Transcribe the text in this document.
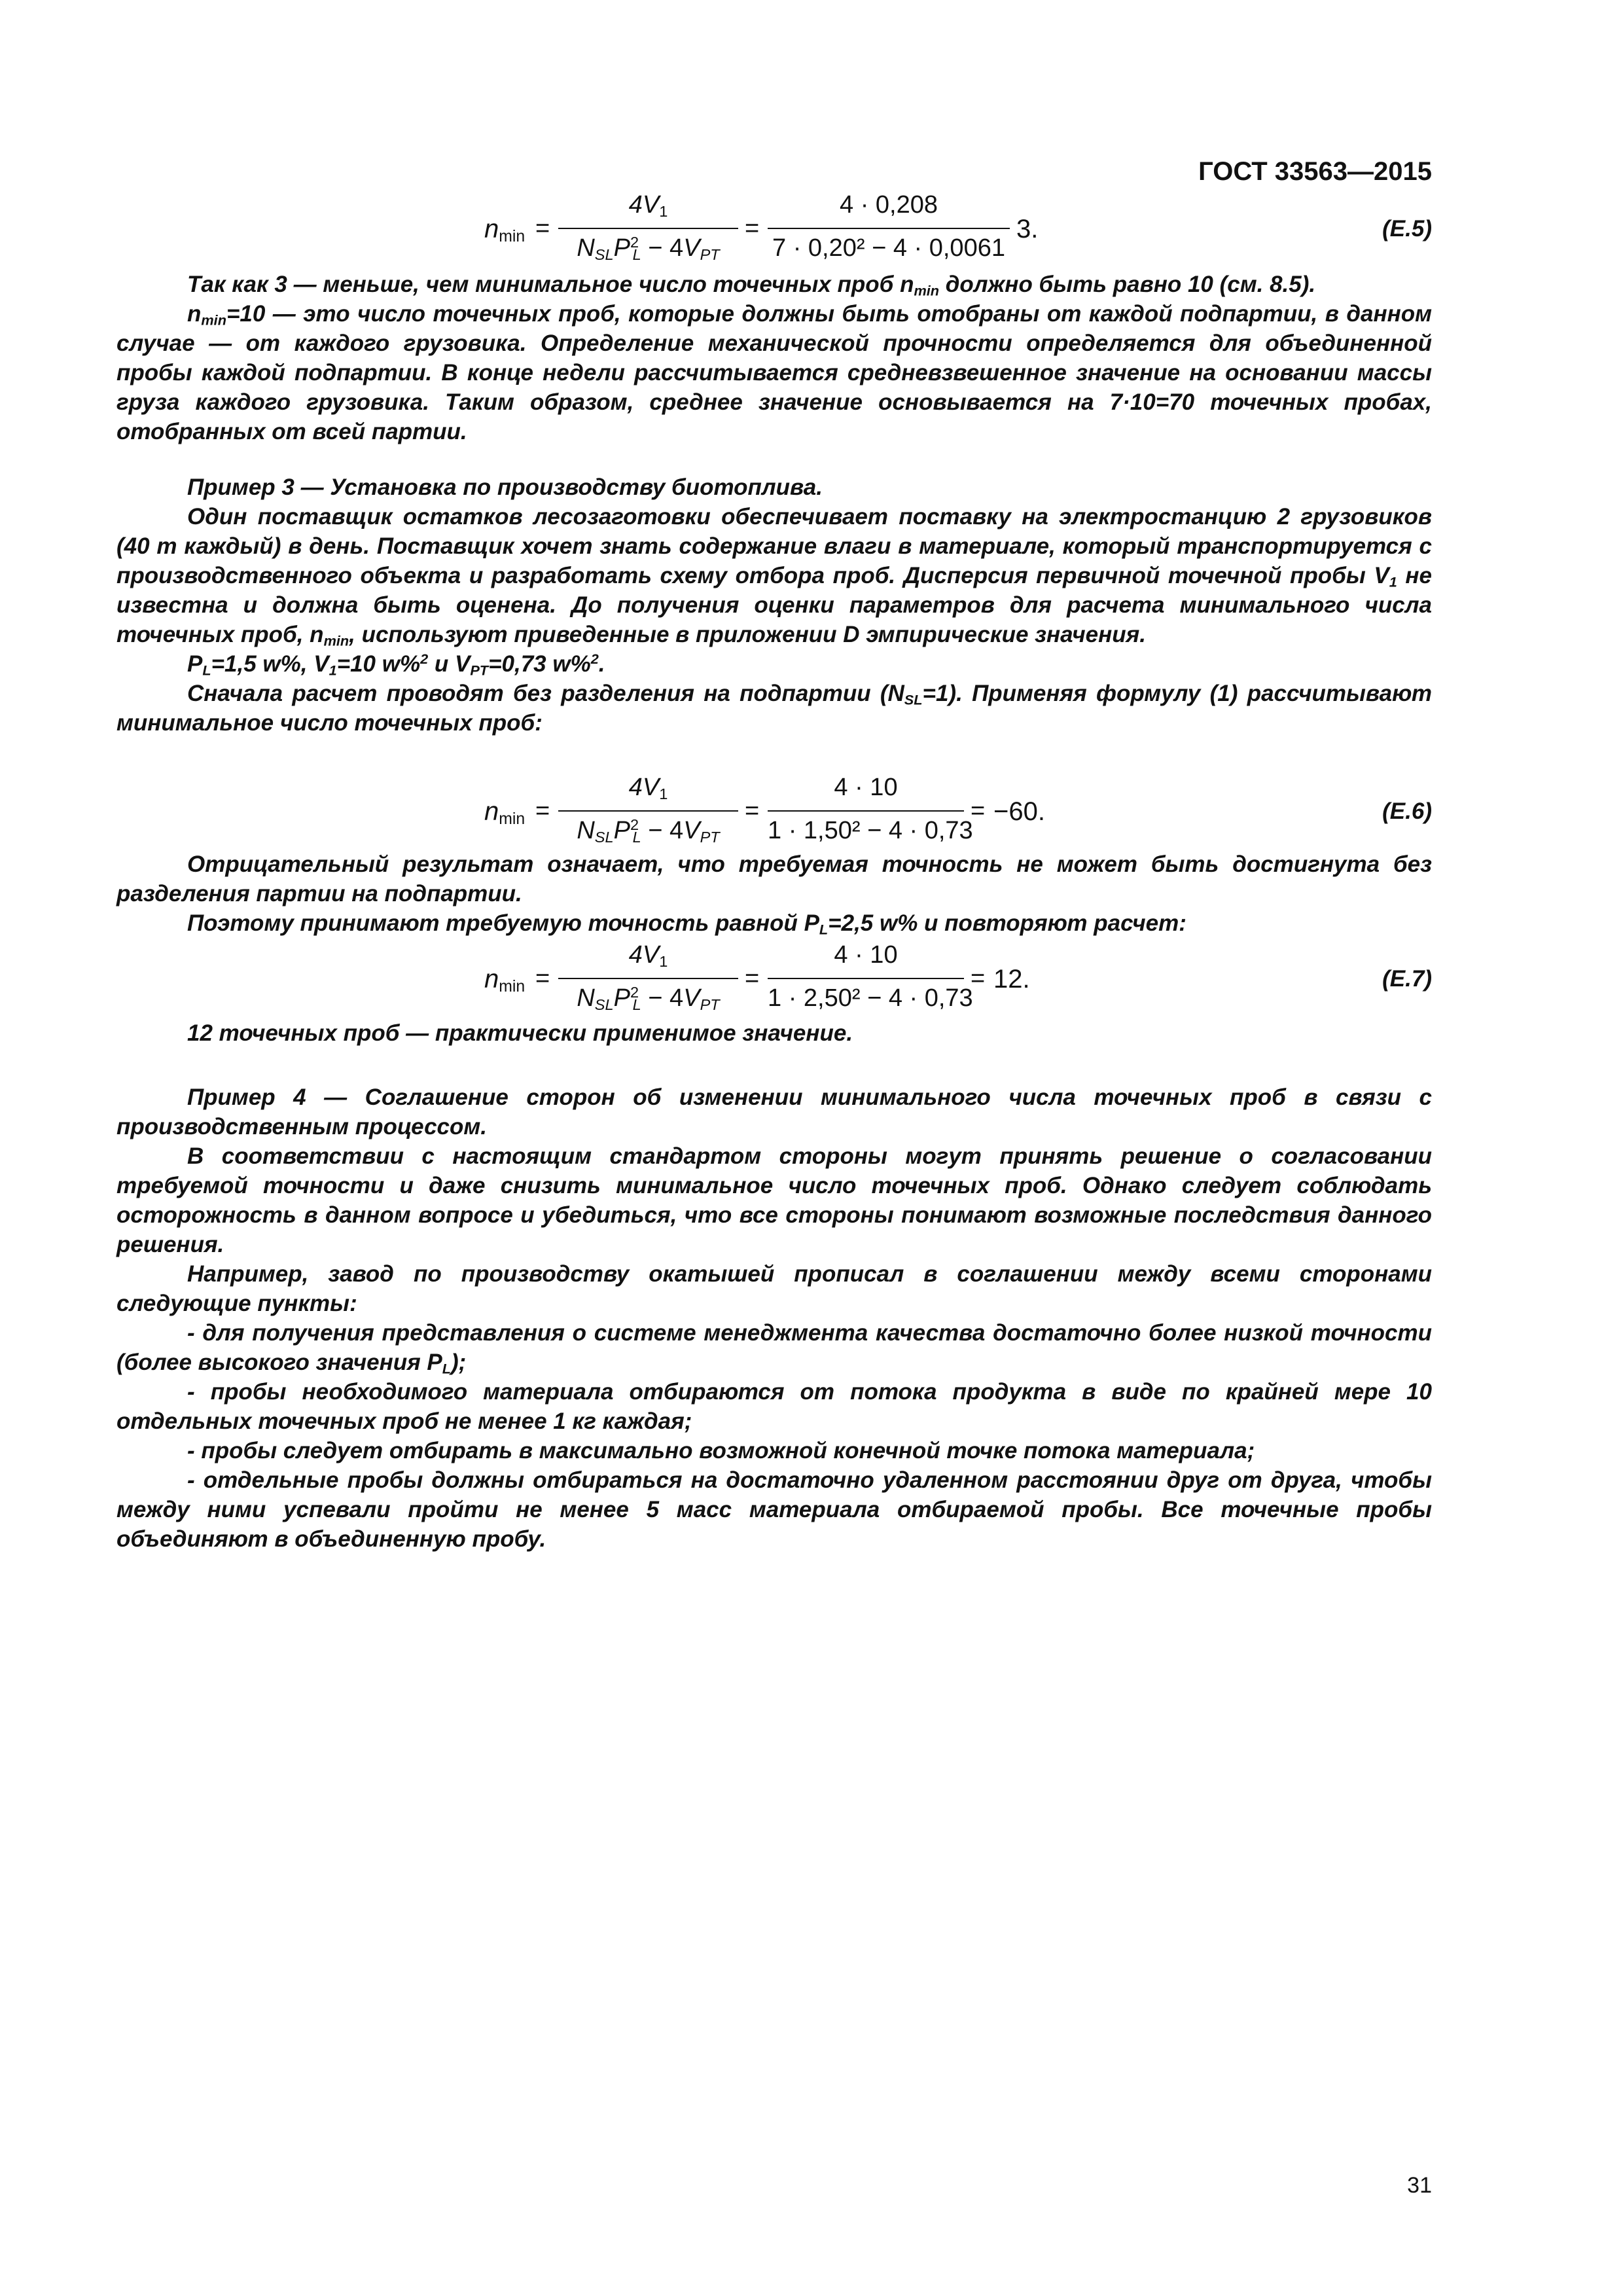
ГОСТ 33563—2015
$n_{min}$ =
$4V_1$
$N_{SL}P^2_L - 4V_{PT}$
=
4 · 0,208
7 · 0,20² − 4 · 0,0061
3.	(E.5)

Так как 3 — меньше, чем минимальное число точечных проб $n_{min}$ должно быть равно 10 (см. 8.5).

$n_{min}=10$ — это число точечных проб, которые должны быть отобраны от каждой подпартии, в данном случае — от каждого грузовика. Определение механической прочности определяется для объединенной пробы каждой подпартии. В конце недели рассчитывается средневзвешенное значение на основании массы груза каждого грузовика. Таким образом, среднее значение основывается на 7·10=70 точечных пробах, отобранных от всей партии.

Пример 3 — Установка по производству биотоплива.

Один поставщик остатков лесозаготовки обеспечивает поставку на электростанцию 2 грузовиков (40 т каждый) в день. Поставщик хочет знать содержание влаги в материале, который транспортируется с производственного объекта и разработать схему отбора проб. Дисперсия первичной точечной пробы $V_1$ не известна и должна быть оценена. До получения оценки параметров для расчета минимального числа точечных проб, $n_{min}$, используют приведенные в приложении D эмпирические значения.

$P_L=1,5$ w%, $V_1=10$ w%$^2$ и $V_{PT}=0,73$ w%$^2$.

Сначала расчет проводят без разделения на подпартии $(N_{SL}=1)$. Применяя формулу (1) рассчитывают минимальное число точечных проб:

$n_{min}$ =
$4V_1$
$N_{SL}P^2_L - 4V_{PT}$
=
4 · 10
1 · 1,50² − 4 · 0,73
= −60.	(E.6)

Отрицательный результат означает, что требуемая точность не может быть достигнута без разделения партии на подпартии.

Поэтому принимают требуемую точность равной $P_L=2,5$ w% и повторяют расчет:

$n_{min}$ =
$4V_1$
$N_{SL}P^2_L - 4V_{PT}$
=
4 · 10
1 · 2,50² − 4 · 0,73
= 12.	(E.7)

12 точечных проб — практически применимое значение.

Пример 4 — Соглашение сторон об изменении минимального числа точечных проб в связи с производственным процессом.

В соответствии с настоящим стандартом стороны могут принять решение о согласовании требуемой точности и даже снизить минимальное число точечных проб. Однако следует соблюдать осторожность в данном вопросе и убедиться, что все стороны понимают возможные последствия данного решения.

Например, завод по производству окатышей прописал в соглашении между всеми сторонами следующие пункты:

- для получения представления о системе менеджмента качества достаточно более низкой точности (более высокого значения $P_L$);

- пробы необходимого материала отбираются от потока продукта в виде по крайней мере 10 отдельных точечных проб не менее 1 кг каждая;

- пробы следует отбирать в максимально возможной конечной точке потока материала;

- отдельные пробы должны отбираться на достаточно удаленном расстоянии друг от друга, чтобы между ними успевали пройти не менее 5 масс материала отбираемой пробы. Все точечные пробы объединяют в объединенную пробу.

31
